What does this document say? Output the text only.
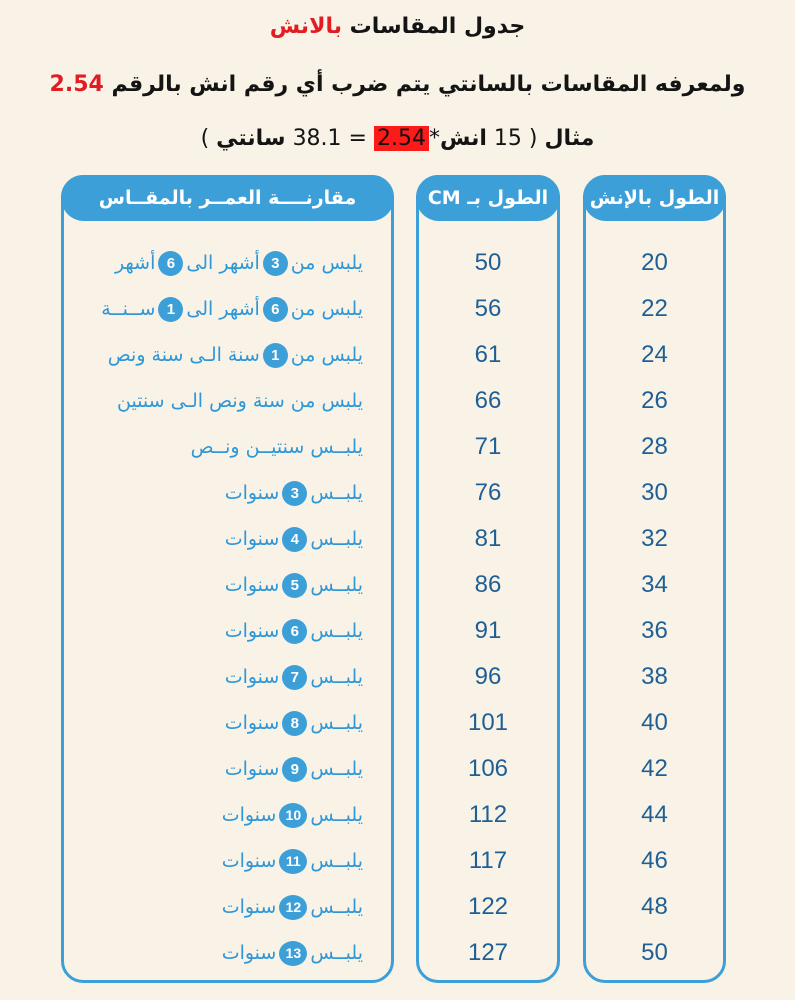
جدول المقاسات بالانش
ولمعرفه المقاسات بالسانتي يتم ضرب أي رقم انش بالرقم 2.54
مثال ( 15 انش*2.54 = 38.1 سانتي )
الطول بالإنش
20
22
24
26
28
30
32
34
36
38
40
42
44
46
48
50
الطول بـ CM
50
56
61
66
71
76
81
86
91
96
101
106
112
117
122
127
مقارنــــة العمــر بالمقــاس
يلبس من
3
أشهر الى
6
أشهر
يلبس من
6
أشهر الى
1
ســنــة
يلبس من
1
سنة الـى سنة ونص
يلبس من سنة ونص الـى سنتين
يلبــس سنتيــن ونــص
يلبــس
3
سنوات
يلبــس
4
سنوات
يلبــس
5
سنوات
يلبــس
6
سنوات
يلبــس
7
سنوات
يلبــس
8
سنوات
يلبــس
9
سنوات
يلبــس
10
سنوات
يلبــس
11
سنوات
يلبــس
12
سنوات
يلبــس
13
سنوات
